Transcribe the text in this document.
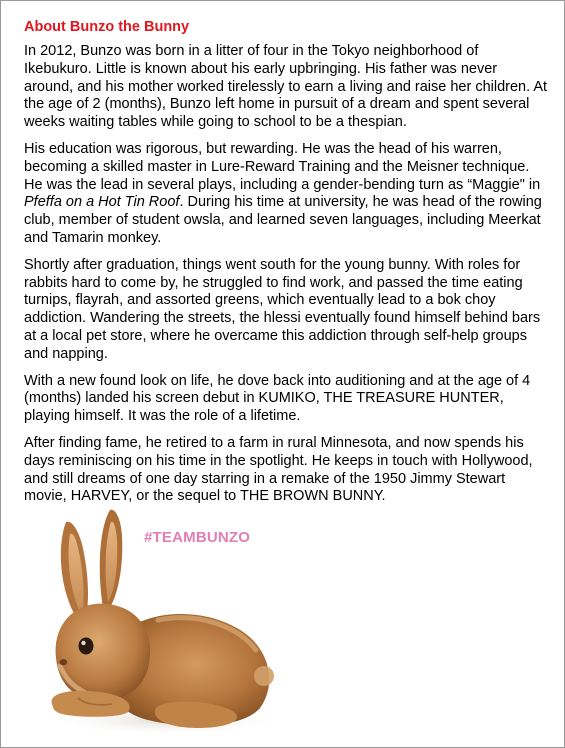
About Bunzo the Bunny

In 2012, Bunzo was born in a litter of four in the Tokyo neighborhood of Ikebukuro. Little is known about his early upbringing. His father was never around, and his mother worked tirelessly to earn a living and raise her children. At the age of 2 (months), Bunzo left home in pursuit of a dream and spent several weeks waiting tables while going to school to be a thespian.

His education was rigorous, but rewarding. He was the head of his warren, becoming a skilled master in Lure-Reward Training and the Meisner technique. He was the lead in several plays, including a gender-bending turn as “Maggie" in Pfeffa on a Hot Tin Roof. During his time at university, he was head of the rowing club, member of student owsla, and learned seven languages, including Meerkat and Tamarin monkey.

Shortly after graduation, things went south for the young bunny. With roles for rabbits hard to come by, he struggled to find work, and passed the time eating turnips, flayrah, and assorted greens, which eventually lead to a bok choy addiction. Wandering the streets, the hlessi eventually found himself behind bars at a local pet store, where he overcame this addiction through self-help groups and napping.

With a new found look on life, he dove back into auditioning and at the age of 4 (months) landed his screen debut in KUMIKO, THE TREASURE HUNTER, playing himself. It was the role of a lifetime.

After finding fame, he retired to a farm in rural Minnesota, and now spends his days reminiscing on his time in the spotlight. He keeps in touch with Hollywood, and still dreams of one day starring in a remake of the 1950 Jimmy Stewart movie, HARVEY, or the sequel to THE BROWN BUNNY.

#TEAMBUNZO
